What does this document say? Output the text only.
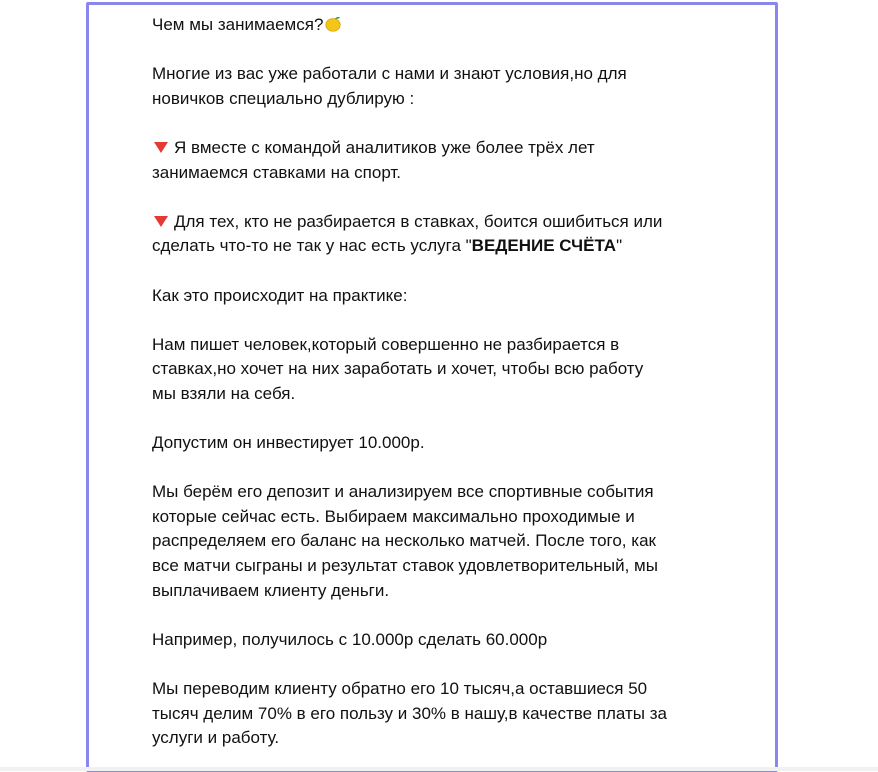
Чем мы занимаемся?

Многие из вас уже работали с нами и знают условия,но для
новичков специально дублирую :

Я вместе с командой аналитиков уже более трёх лет
занимаемся ставками на спорт.

Для тех, кто не разбирается в ставках, боится ошибиться или
сделать что-то не так у нас есть услуга "ВЕДЕНИЕ СЧЁТА"

Как это происходит на практике:

Нам пишет человек,который совершенно не разбирается в
ставках,но хочет на них заработать и хочет, чтобы всю работу
мы взяли на себя.

Допустим он инвестирует 10.000р.

Мы берём его депозит и анализируем все спортивные события
которые сейчас есть. Выбираем максимально проходимые и
распределяем его баланс на несколько матчей. После того, как
все матчи сыграны и результат ставок удовлетворительный, мы
выплачиваем клиенту деньги.

Например, получилось с 10.000р сделать 60.000р

Мы переводим клиенту обратно его 10 тысяч,а оставшиеся 50
тысяч делим 70% в его пользу и 30% в нашу,в качестве платы за
услуги и работу.
